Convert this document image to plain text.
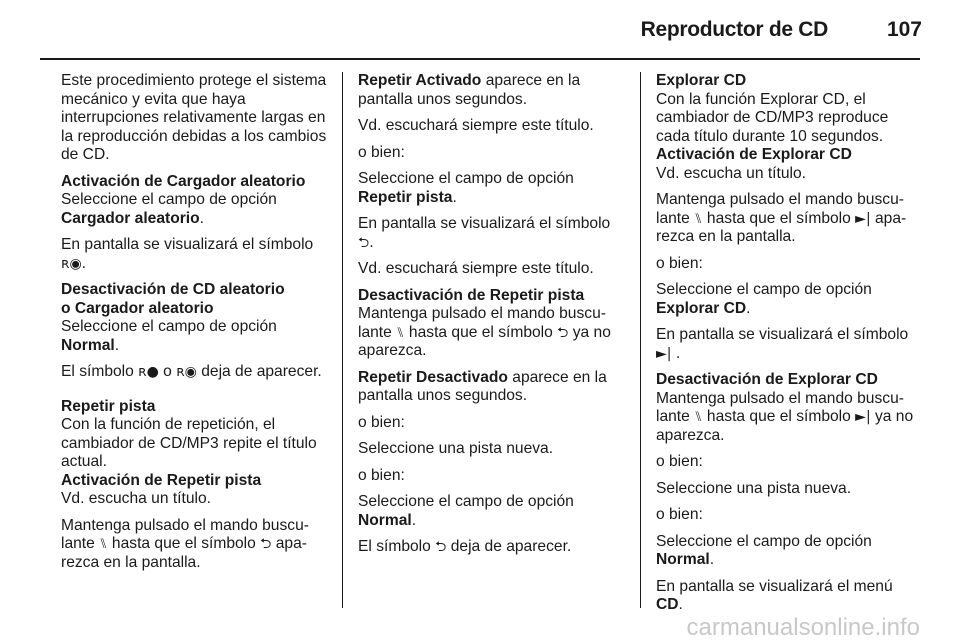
Reproductor de CD	107

Este procedimiento protege el sistema mecánico y evita que haya interrupciones relativamente largas en la reproducción debidas a los cambios de CD.

Activación de Cargador aleatorio

Seleccione el campo de opción
Cargador aleatorio.

En pantalla se visualizará el símbolo
ʀ◉.

Desactivación de CD aleatorio
o Cargador aleatorio

Seleccione el campo de opción
Normal.

El símbolo ʀ● o ʀ◉ deja de aparecer.

Repetir pista

Con la función de repetición, el cambiador de CD/MP3 repite el título actual.

Activación de Repetir pista

Vd. escucha un título.

Mantenga pulsado el mando buscu-lante ⑊ hasta que el símbolo ⮌ apa-rezca en la pantalla.

Repetir Activado aparece en la pantalla unos segundos.

Vd. escuchará siempre este título.

o bien:

Seleccione el campo de opción
Repetir pista.

En pantalla se visualizará el símbolo
⮌.

Vd. escuchará siempre este título.

Desactivación de Repetir pista

Mantenga pulsado el mando buscu-lante ⑊ hasta que el símbolo ⮌ ya no aparezca.

Repetir Desactivado aparece en la pantalla unos segundos.

o bien:

Seleccione una pista nueva.

o bien:

Seleccione el campo de opción
Normal.

El símbolo ⮌ deja de aparecer.

Explorar CD

Con la función Explorar CD, el cambiador de CD/MP3 reproduce cada título durante 10 segundos.

Activación de Explorar CD

Vd. escucha un título.

Mantenga pulsado el mando buscu-lante ⑊ hasta que el símbolo ►| apa-rezca en la pantalla.

o bien:

Seleccione el campo de opción
Explorar CD.

En pantalla se visualizará el símbolo
►| .

Desactivación de Explorar CD

Mantenga pulsado el mando buscu-lante ⑊ hasta que el símbolo ►| ya no aparezca.

o bien:

Seleccione una pista nueva.

o bien:

Seleccione el campo de opción
Normal.

En pantalla se visualizará el menú
CD.

carmanualsonline.info
